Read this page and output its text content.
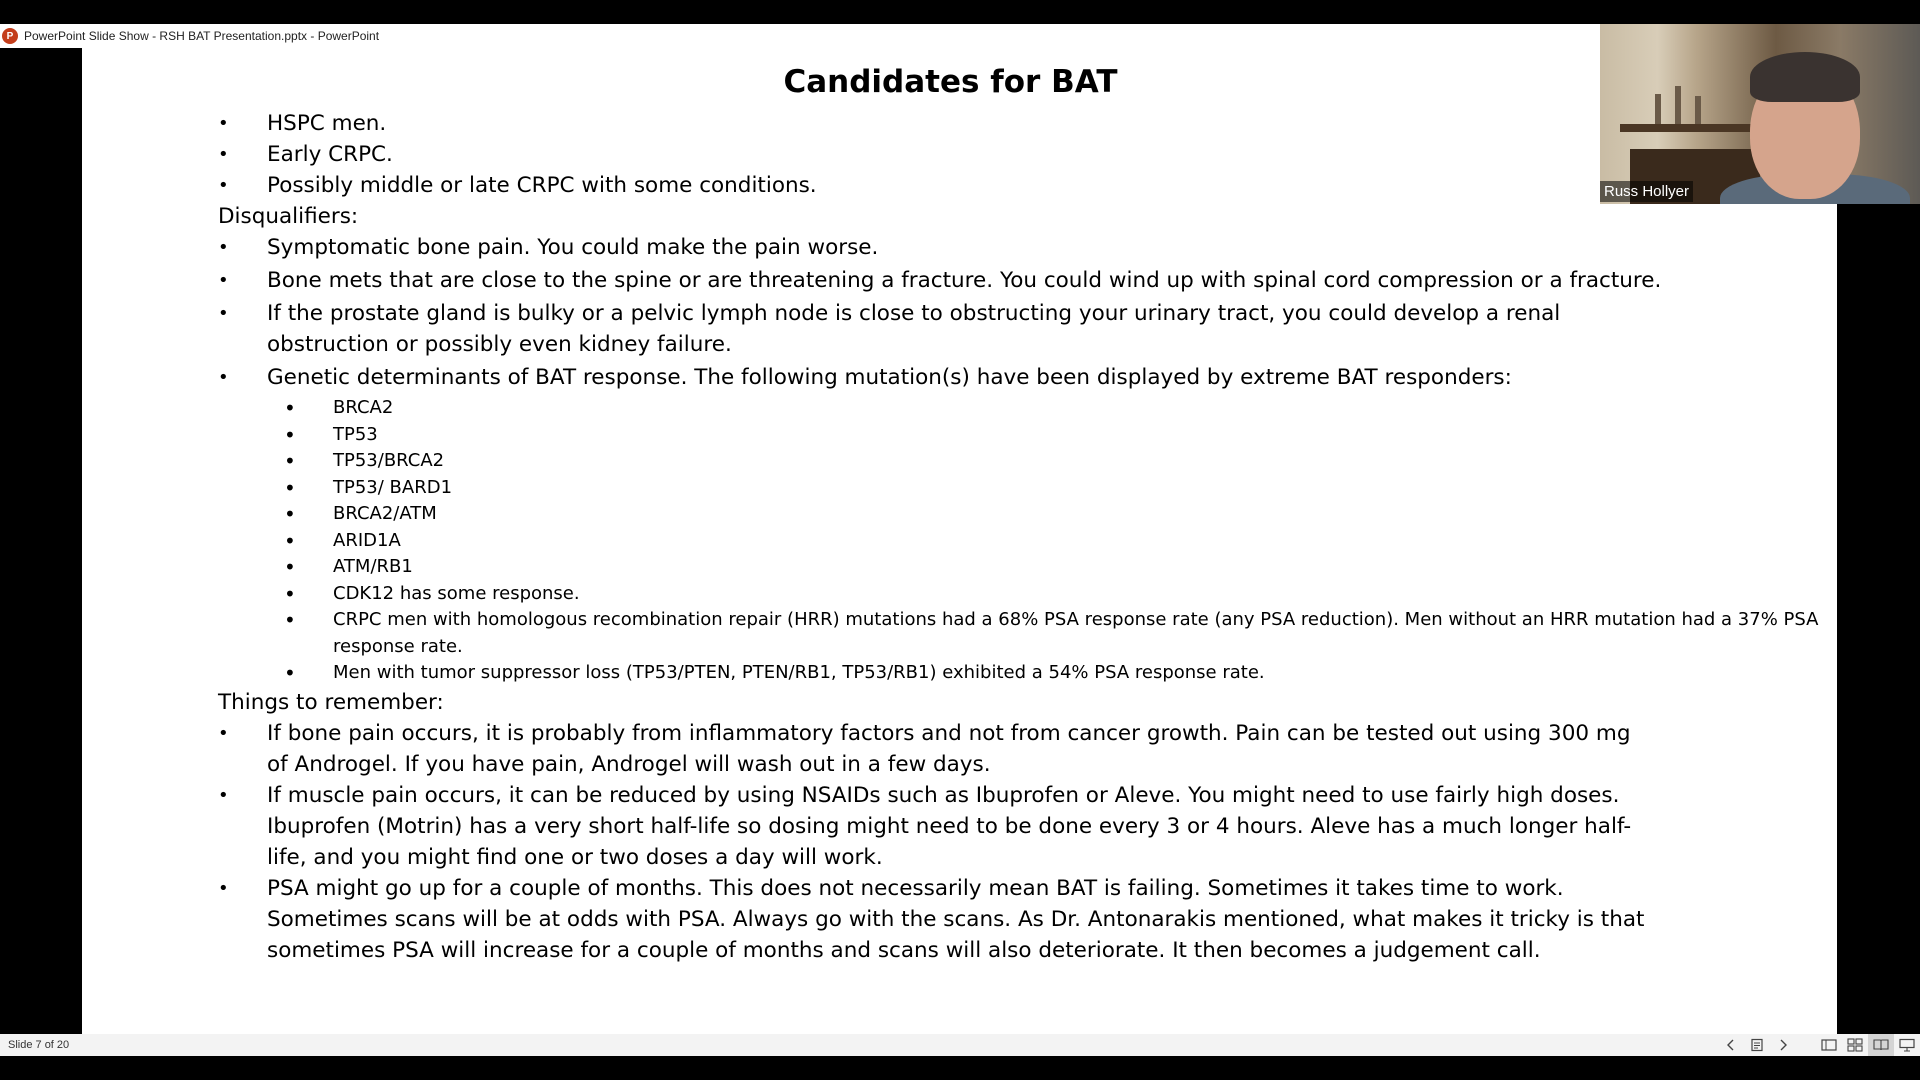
P PowerPoint Slide Show - RSH BAT Presentation.pptx - PowerPoint
Candidates for BAT
• HSPC men.
• Early CRPC.
• Possibly middle or late CRPC with some conditions.
Disqualifiers:
• Symptomatic bone pain. You could make the pain worse.
• Bone mets that are close to the spine or are threatening a fracture. You could wind up with spinal cord compression or a fracture.
• If the prostate gland is bulky or a pelvic lymph node is close to obstructing your urinary tract, you could develop a renal obstruction or possibly even kidney failure.
• Genetic determinants of BAT response. The following mutation(s) have been displayed by extreme BAT responders:
• BRCA2
• TP53
• TP53/BRCA2
• TP53/ BARD1
• BRCA2/ATM
• ARID1A
• ATM/RB1
• CDK12 has some response.
• CRPC men with homologous recombination repair (HRR) mutations had a 68% PSA response rate (any PSA reduction). Men without an HRR mutation had a 37% PSA response rate.
• Men with tumor suppressor loss (TP53/PTEN, PTEN/RB1, TP53/RB1) exhibited a 54% PSA response rate.
Things to remember:
• If bone pain occurs, it is probably from inflammatory factors and not from cancer growth. Pain can be tested out using 300 mg of Androgel. If you have pain, Androgel will wash out in a few days.
• If muscle pain occurs, it can be reduced by using NSAIDs such as Ibuprofen or Aleve. You might need to use fairly high doses. Ibuprofen (Motrin) has a very short half-life so dosing might need to be done every 3 or 4 hours. Aleve has a much longer half-life, and you might find one or two doses a day will work.
• PSA might go up for a couple of months. This does not necessarily mean BAT is failing. Sometimes it takes time to work. Sometimes scans will be at odds with PSA. Always go with the scans. As Dr. Antonarakis mentioned, what makes it tricky is that sometimes PSA will increase for a couple of months and scans will also deteriorate. It then becomes a judgement call.
Russ Hollyer
Slide 7 of 20
